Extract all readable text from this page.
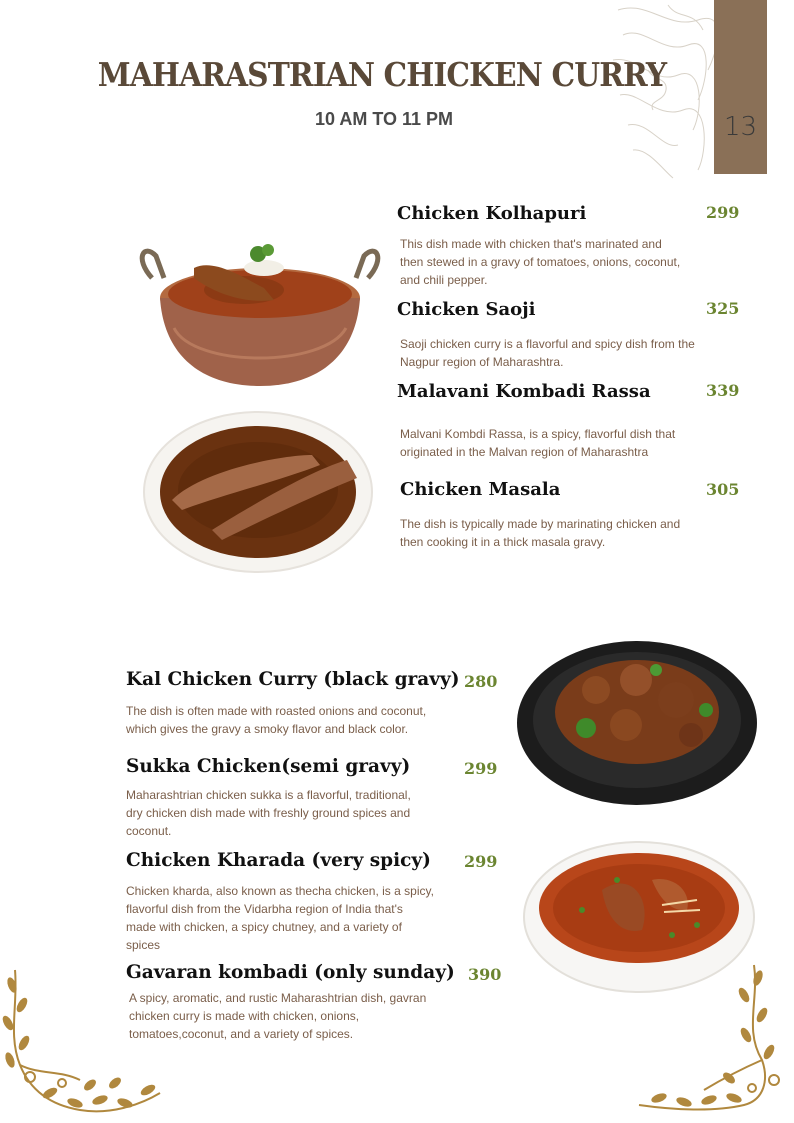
13
MAHARASTRIAN CHICKEN CURRY
10 AM TO 11 PM
Chicken Kolhapuri	299
This dish made with chicken that's marinated and
then stewed in a gravy of tomatoes, onions, coconut,
and chili pepper.
Chicken Saoji	325
Saoji chicken curry is a flavorful and spicy dish from the
Nagpur region of Maharashtra.
Malavani Kombadi Rassa	339
Malvani Kombdi Rassa, is a spicy, flavorful dish that
originated in the Malvan region of Maharashtra
Chicken Masala	305
The dish is typically made by marinating chicken and
then cooking it in a thick masala gravy.
Kal Chicken Curry (black gravy) 280
The dish is often made with roasted onions and coconut,
which gives the gravy a smoky flavor and black color.
Sukka Chicken(semi gravy)	299
Maharashtrian chicken sukka is a flavorful, traditional,
dry chicken dish made with freshly ground spices and
coconut.
Chicken Kharada (very spicy) 299
Chicken kharda, also known as thecha chicken, is a spicy,
flavorful dish from the Vidarbha region of India that's
made with chicken, a spicy chutney, and a variety of
spices
Gavaran kombadi (only sunday) 390
A spicy, aromatic, and rustic Maharashtrian dish, gavran
chicken curry is made with chicken, onions,
tomatoes,coconut, and a variety of spices.
